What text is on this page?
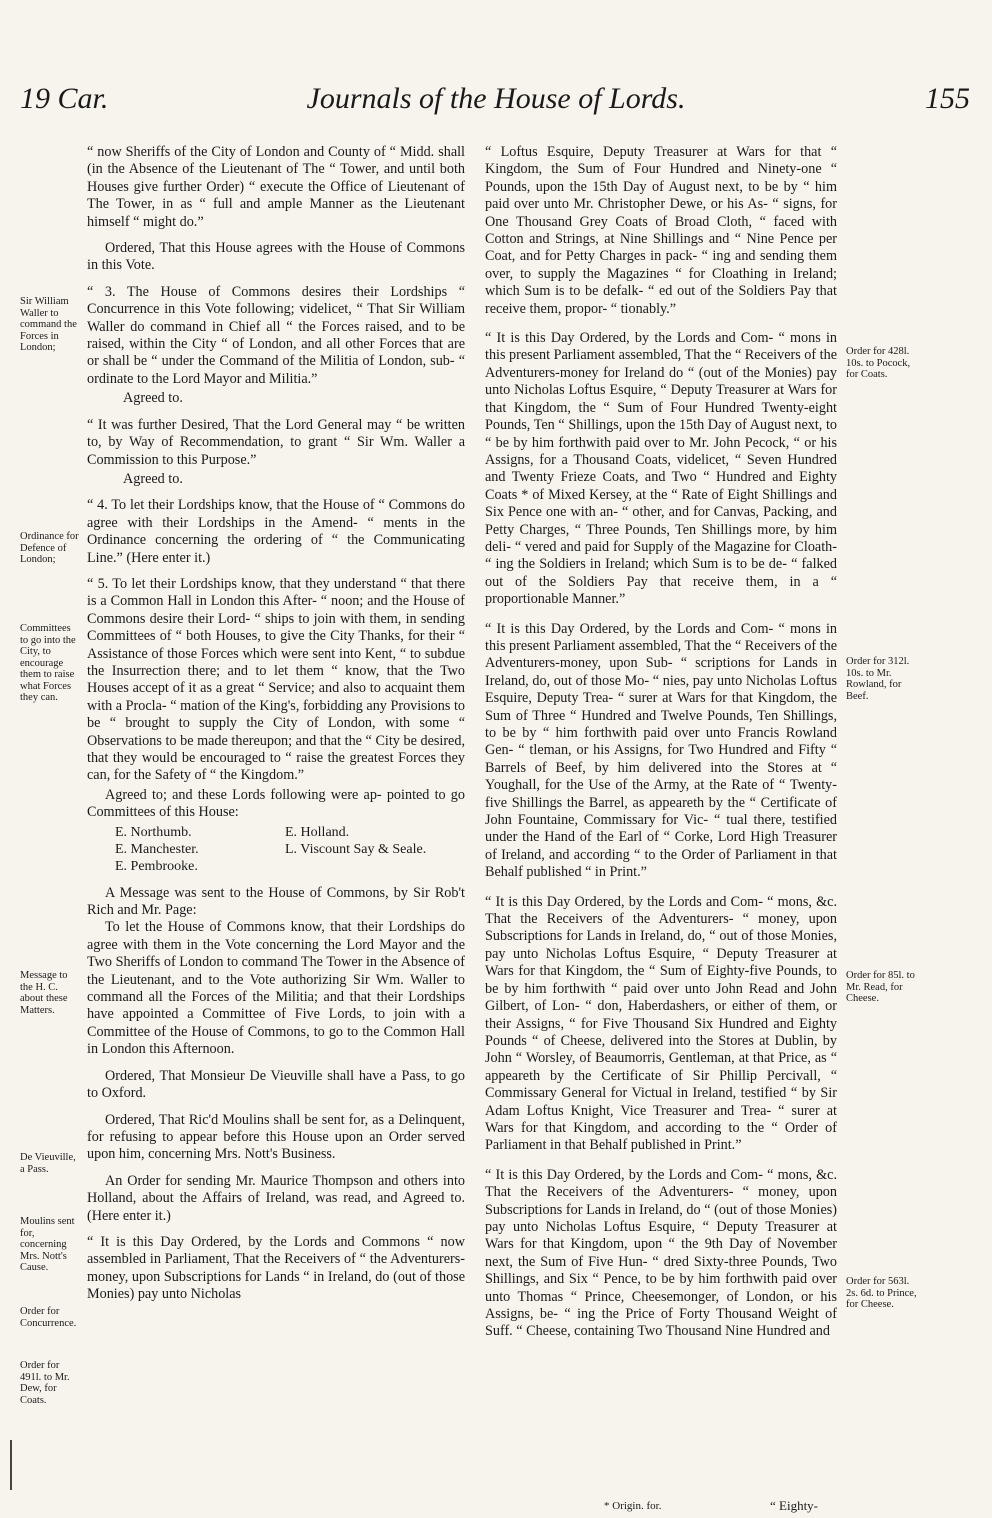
19 Car.	Journals of the House of Lords.	155

“ now Sheriffs of the City of London and County of “ Midd. shall (in the Absence of the Lieutenant of The “ Tower, and until both Houses give further Order) “ execute the Office of Lieutenant of The Tower, in as “ full and ample Manner as the Lieutenant himself “ might do.”

Ordered, That this House agrees with the House of Commons in this Vote.

“ 3. The House of Commons desires their Lordships “ Concurrence in this Vote following; videlicet, “ That Sir William Waller do command in Chief all “ the Forces raised, and to be raised, within the City “ of London, and all other Forces that are or shall be “ under the Command of the Militia of London, sub- “ ordinate to the Lord Mayor and Militia.”

Agreed to.

“ It was further Desired, That the Lord General may “ be written to, by Way of Recommendation, to grant “ Sir Wm. Waller a Commission to this Purpose.”

Agreed to.

“ 4. To let their Lordships know, that the House of “ Commons do agree with their Lordships in the Amend- “ ments in the Ordinance concerning the ordering of “ the Communicating Line.” (Here enter it.)

“ 5. To let their Lordships know, that they understand “ that there is a Common Hall in London this After- “ noon; and the House of Commons desire their Lord- “ ships to join with them, in sending Committees of “ both Houses, to give the City Thanks, for their “ Assistance of those Forces which were sent into Kent, “ to subdue the Insurrection there; and to let them “ know, that the Two Houses accept of it as a great “ Service; and also to acquaint them with a Procla- “ mation of the King's, forbidding any Provisions to be “ brought to supply the City of London, with some “ Observations to be made thereupon; and that the “ City be desired, that they would be encouraged to “ raise the greatest Forces they can, for the Safety of “ the Kingdom.”

Agreed to; and these Lords following were ap- pointed to go Committees of this House:

E. Northumb.	E. Holland.
E. Manchester.	L. Viscount Say & Seale.
E. Pembrooke.

A Message was sent to the House of Commons, by Sir Rob't Rich and Mr. Page:

To let the House of Commons know, that their Lordships do agree with them in the Vote concerning the Lord Mayor and the Two Sheriffs of London to command The Tower in the Absence of the Lieutenant, and to the Vote authorizing Sir Wm. Waller to command all the Forces of the Militia; and that their Lordships have appointed a Committee of Five Lords, to join with a Committee of the House of Commons, to go to the Common Hall in London this Afternoon.

Ordered, That Monsieur De Vieuville shall have a Pass, to go to Oxford.

Ordered, That Ric'd Moulins shall be sent for, as a Delinquent, for refusing to appear before this House upon an Order served upon him, concerning Mrs. Nott's Business.

An Order for sending Mr. Maurice Thompson and others into Holland, about the Affairs of Ireland, was read, and Agreed to. (Here enter it.)

“ It is this Day Ordered, by the Lords and Commons “ now assembled in Parliament, That the Receivers of “ the Adventurers-money, upon Subscriptions for Lands “ in Ireland, do (out of those Monies) pay unto Nicholas

“ Loftus Esquire, Deputy Treasurer at Wars for that “ Kingdom, the Sum of Four Hundred and Ninety-one “ Pounds, upon the 15th Day of August next, to be by “ him paid over unto Mr. Christopher Dewe, or his As- “ signs, for One Thousand Grey Coats of Broad Cloth, “ faced with Cotton and Strings, at Nine Shillings and “ Nine Pence per Coat, and for Petty Charges in pack- “ ing and sending them over, to supply the Magazines “ for Cloathing in Ireland; which Sum is to be defalk- “ ed out of the Soldiers Pay that receive them, propor- “ tionably.”

“ It is this Day Ordered, by the Lords and Com- “ mons in this present Parliament assembled, That the “ Receivers of the Adventurers-money for Ireland do “ (out of the Monies) pay unto Nicholas Loftus Esquire, “ Deputy Treasurer at Wars for that Kingdom, the “ Sum of Four Hundred Twenty-eight Pounds, Ten “ Shillings, upon the 15th Day of August next, to “ be by him forthwith paid over to Mr. John Pecock, “ or his Assigns, for a Thousand Coats, videlicet, “ Seven Hundred and Twenty Frieze Coats, and Two “ Hundred and Eighty Coats * of Mixed Kersey, at the “ Rate of Eight Shillings and Six Pence one with an- “ other, and for Canvas, Packing, and Petty Charges, “ Three Pounds, Ten Shillings more, by him deli- “ vered and paid for Supply of the Magazine for Cloath- “ ing the Soldiers in Ireland; which Sum is to be de- “ falked out of the Soldiers Pay that receive them, in a “ proportionable Manner.”

“ It is this Day Ordered, by the Lords and Com- “ mons in this present Parliament assembled, That the “ Receivers of the Adventurers-money, upon Sub- “ scriptions for Lands in Ireland, do, out of those Mo- “ nies, pay unto Nicholas Loftus Esquire, Deputy Trea- “ surer at Wars for that Kingdom, the Sum of Three “ Hundred and Twelve Pounds, Ten Shillings, to be by “ him forthwith paid over unto Francis Rowland Gen- “ tleman, or his Assigns, for Two Hundred and Fifty “ Barrels of Beef, by him delivered into the Stores at “ Youghall, for the Use of the Army, at the Rate of “ Twenty-five Shillings the Barrel, as appeareth by the “ Certificate of John Fountaine, Commissary for Vic- “ tual there, testified under the Hand of the Earl of “ Corke, Lord High Treasurer of Ireland, and according “ to the Order of Parliament in that Behalf published “ in Print.”

“ It is this Day Ordered, by the Lords and Com- “ mons, &c. That the Receivers of the Adventurers- “ money, upon Subscriptions for Lands in Ireland, do, “ out of those Monies, pay unto Nicholas Loftus Esquire, “ Deputy Treasurer at Wars for that Kingdom, the “ Sum of Eighty-five Pounds, to be by him forthwith “ paid over unto John Read and John Gilbert, of Lon- “ don, Haberdashers, or either of them, or their Assigns, “ for Five Thousand Six Hundred and Eighty Pounds “ of Cheese, delivered into the Stores at Dublin, by John “ Worsley, of Beaumorris, Gentleman, at that Price, as “ appeareth by the Certificate of Sir Phillip Percivall, “ Commissary General for Victual in Ireland, testified “ by Sir Adam Loftus Knight, Vice Treasurer and Trea- “ surer at Wars for that Kingdom, and according to the “ Order of Parliament in that Behalf published in Print.”

“ It is this Day Ordered, by the Lords and Com- “ mons, &c. That the Receivers of the Adventurers- “ money, upon Subscriptions for Lands in Ireland, do “ (out of those Monies) pay unto Nicholas Loftus Esquire, “ Deputy Treasurer at Wars for that Kingdom, upon “ the 9th Day of November next, the Sum of Five Hun- “ dred Sixty-three Pounds, Two Shillings, and Six “ Pence, to be by him forthwith paid over unto Thomas “ Prince, Cheesemonger, of London, or his Assigns, be- “ ing the Price of Forty Thousand Weight of Suff. “ Cheese, containing Two Thousand Nine Hundred and

Sir William Waller to command the Forces in London;
Ordinance for Defence of London;
Committees to go into the City, to encourage them to raise what Forces they can.
Message to the H. C. about these Matters.
De Vieuville, a Pass.
Moulins sent for, concerning Mrs. Nott's Cause.
Order for Concurrence.
Order for 491l. to Mr. Dew, for Coats.
Order for 428l. 10s. to Pocock, for Coats.
Order for 312l. 10s. to Mr. Rowland, for Beef.
Order for 85l. to Mr. Read, for Cheese.
Order for 563l. 2s. 6d. to Prince, for Cheese.
* Origin. for.	“ Eighty-
